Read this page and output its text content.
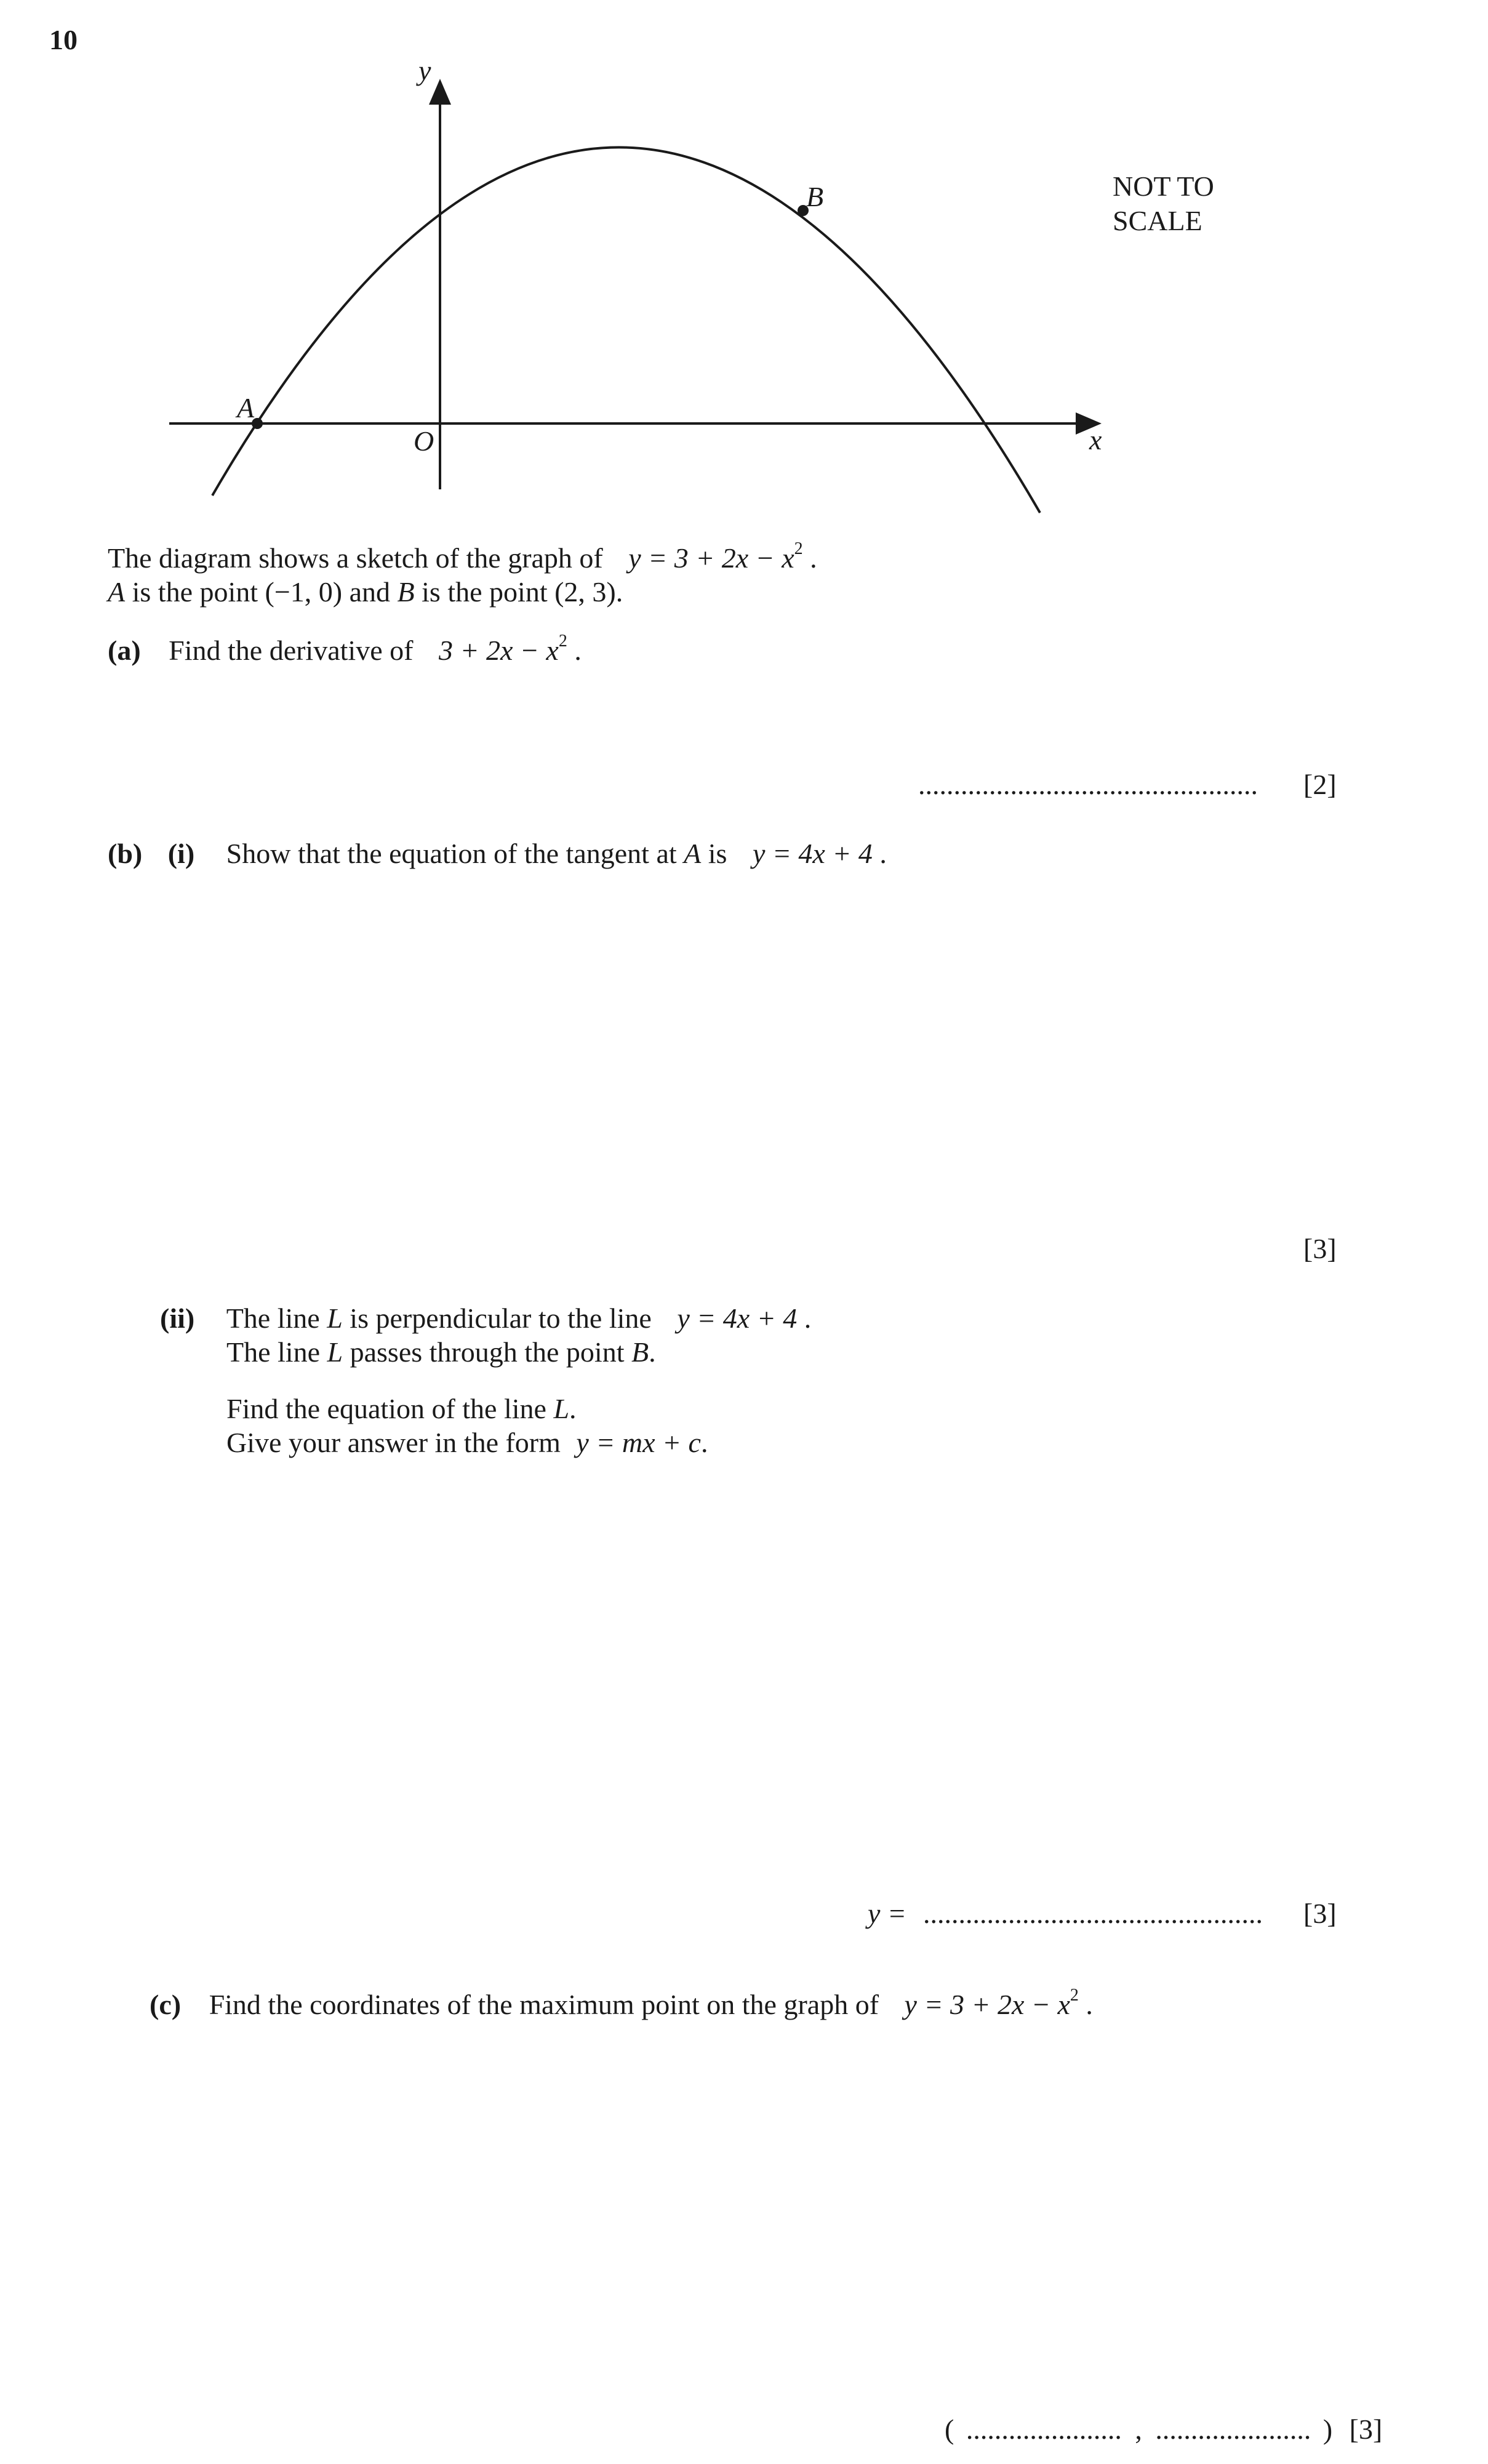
10
A
B
O	x
y
NOT TO
SCALE
The diagram shows a sketch of the graph of $y = 3 + 2x - x^2$ .
A is the point (−1, 0) and B is the point (2, 3).
(a) Find the derivative of $3 + 2x - x^2$ .
................................................ [2]
(b) (i) Show that the equation of the tangent at A is y = 4x + 4 .
[3]
(ii) The line L is perpendicular to the line y = 4x + 4 .
The line L passes through the point B.
Find the equation of the line L.
Give your answer in the form y = mx + c.
y = ................................................ [3]
(c) Find the coordinates of the maximum point on the graph of $y = 3 + 2x - x^2$ .
( ...................... , ...................... ) [3]
